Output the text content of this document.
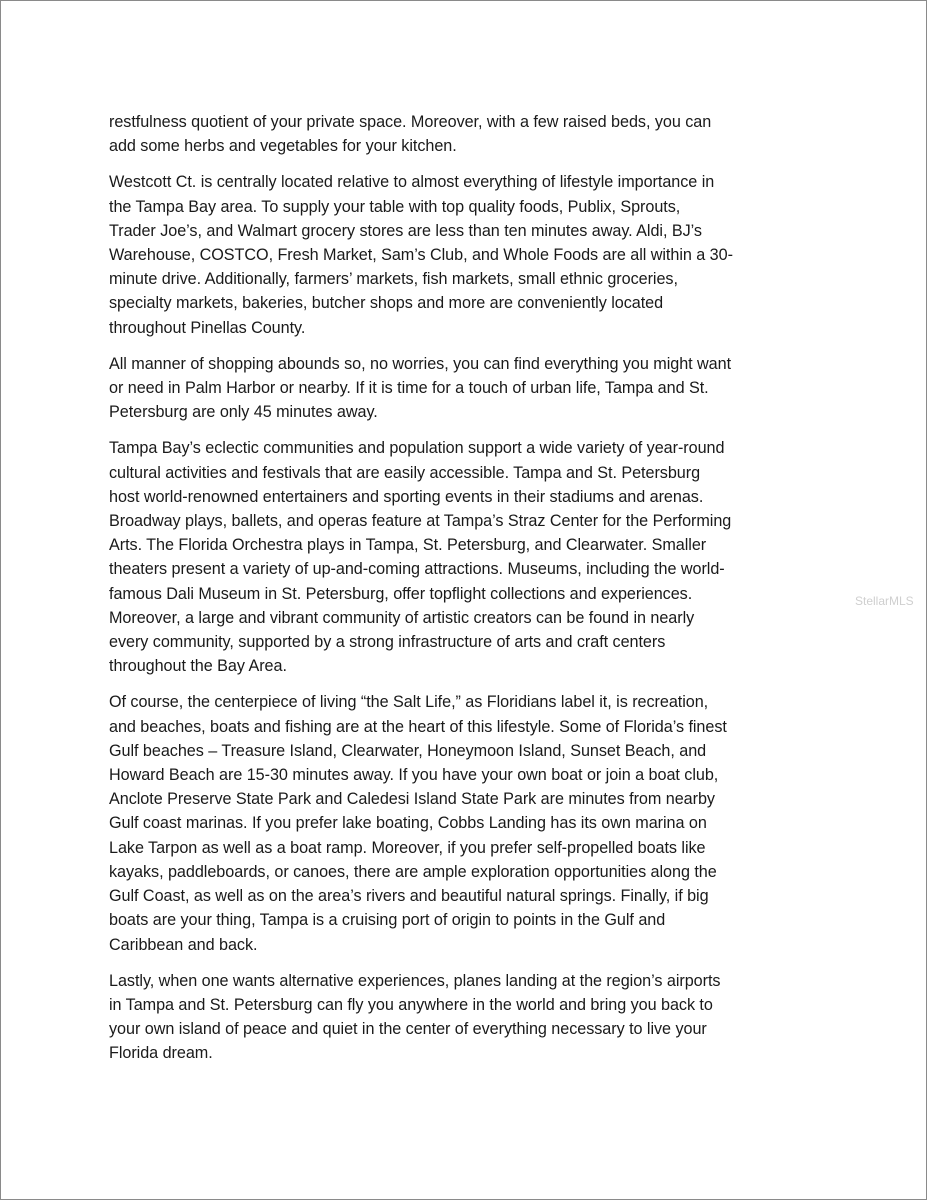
restfulness quotient of your private space. Moreover, with a few raised beds, you can
add some herbs and vegetables for your kitchen.

Westcott Ct. is centrally located relative to almost everything of lifestyle importance in
the Tampa Bay area. To supply your table with top quality foods, Publix, Sprouts,
Trader Joe’s, and Walmart grocery stores are less than ten minutes away. Aldi, BJ’s
Warehouse, COSTCO, Fresh Market, Sam’s Club, and Whole Foods are all within a 30-
minute drive. Additionally, farmers’ markets, fish markets, small ethnic groceries,
specialty markets, bakeries, butcher shops and more are conveniently located
throughout Pinellas County.

All manner of shopping abounds so, no worries, you can find everything you might want
or need in Palm Harbor or nearby. If it is time for a touch of urban life, Tampa and St.
Petersburg are only 45 minutes away.

Tampa Bay’s eclectic communities and population support a wide variety of year-round
cultural activities and festivals that are easily accessible. Tampa and St. Petersburg
host world-renowned entertainers and sporting events in their stadiums and arenas.
Broadway plays, ballets, and operas feature at Tampa’s Straz Center for the Performing
Arts. The Florida Orchestra plays in Tampa, St. Petersburg, and Clearwater. Smaller
theaters present a variety of up-and-coming attractions. Museums, including the world-
famous Dali Museum in St. Petersburg, offer topflight collections and experiences.
Moreover, a large and vibrant community of artistic creators can be found in nearly
every community, supported by a strong infrastructure of arts and craft centers
throughout the Bay Area.

Of course, the centerpiece of living “the Salt Life,” as Floridians label it, is recreation,
and beaches, boats and fishing are at the heart of this lifestyle. Some of Florida’s finest
Gulf beaches – Treasure Island, Clearwater, Honeymoon Island, Sunset Beach, and
Howard Beach are 15-30 minutes away. If you have your own boat or join a boat club,
Anclote Preserve State Park and Caledesi Island State Park are minutes from nearby
Gulf coast marinas. If you prefer lake boating, Cobbs Landing has its own marina on
Lake Tarpon as well as a boat ramp. Moreover, if you prefer self-propelled boats like
kayaks, paddleboards, or canoes, there are ample exploration opportunities along the
Gulf Coast, as well as on the area’s rivers and beautiful natural springs. Finally, if big
boats are your thing, Tampa is a cruising port of origin to points in the Gulf and
Caribbean and back.

Lastly, when one wants alternative experiences, planes landing at the region’s airports
in Tampa and St. Petersburg can fly you anywhere in the world and bring you back to
your own island of peace and quiet in the center of everything necessary to live your
Florida dream.

StellarMLS
